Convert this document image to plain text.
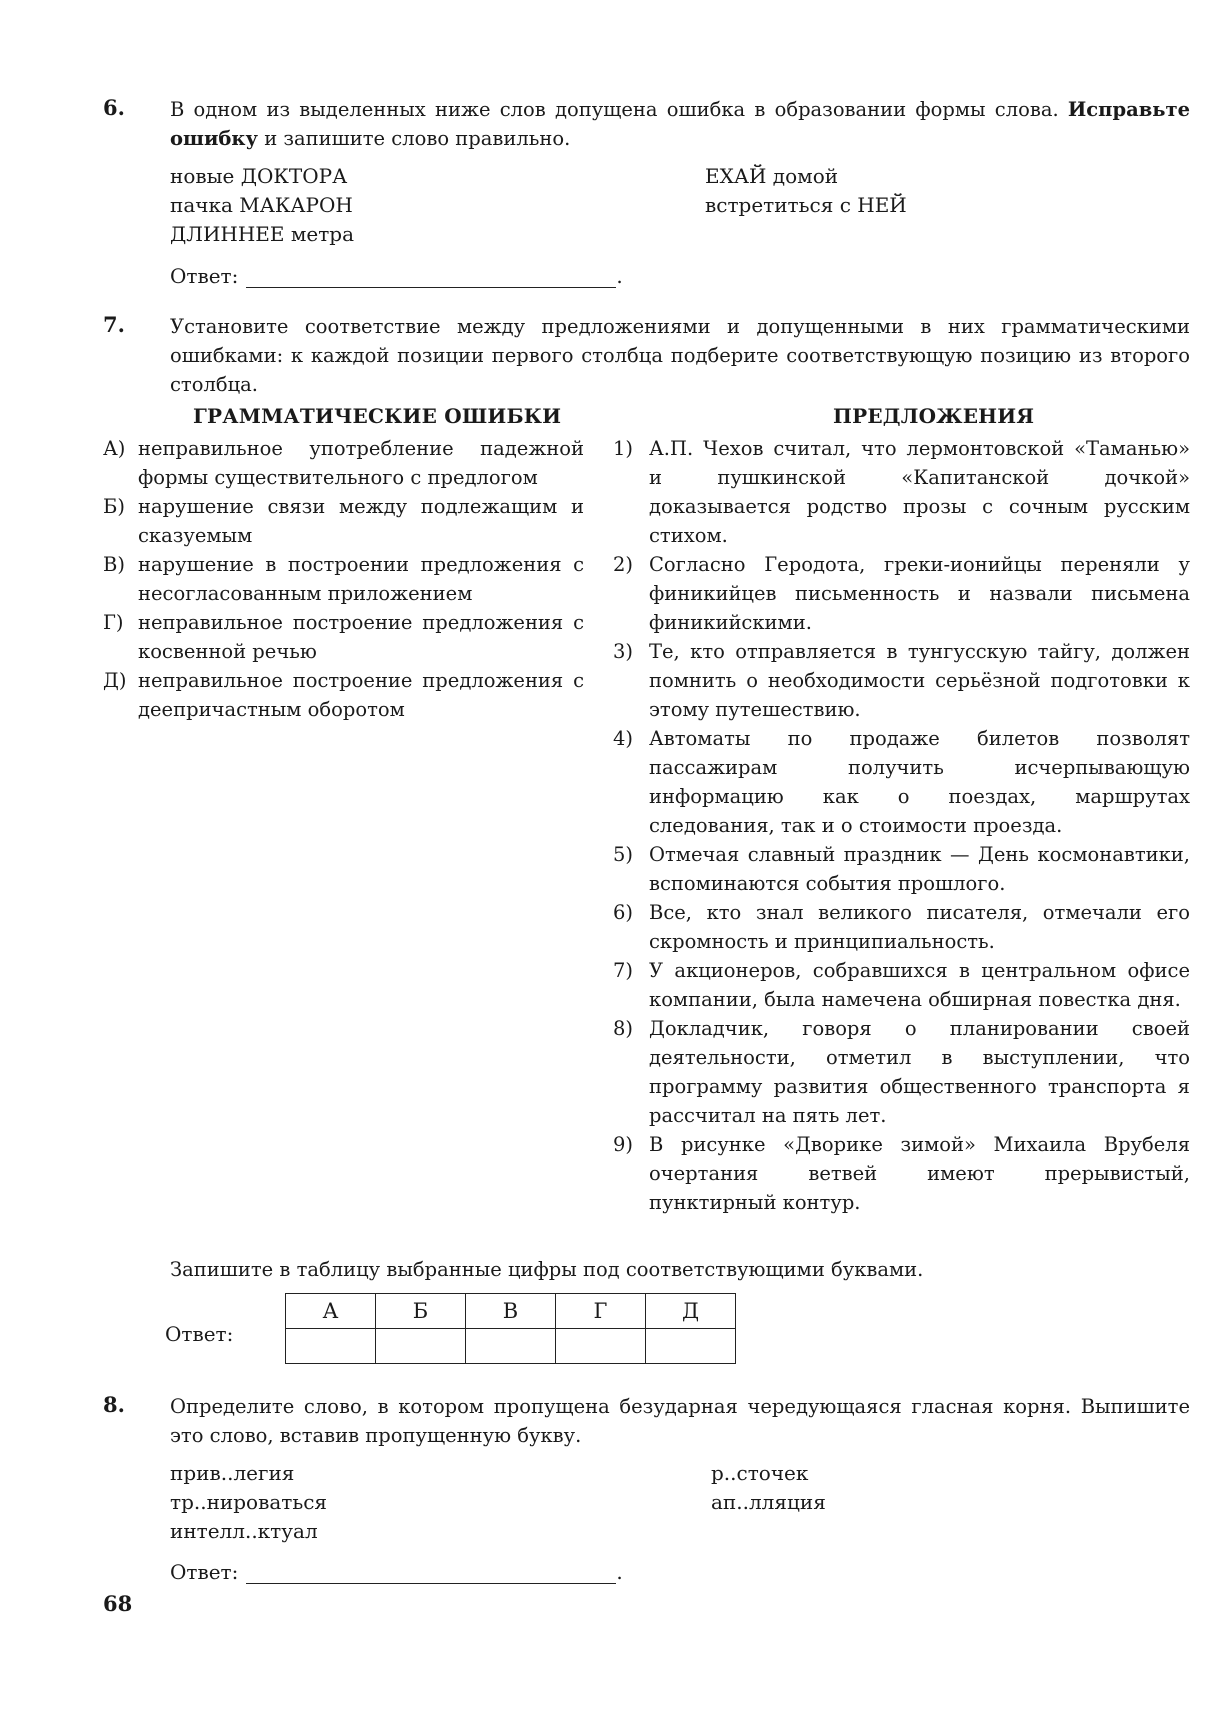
6. В одном из выделенных ниже слов допущена ошибка в образовании формы слова. Исправьте ошибку и запишите слово правильно.
новые ДОКТОРА
пачка МАКАРОН
ДЛИННЕЕ метра
ЕХАЙ домой
встретиться с НЕЙ
Ответ:	.
7. Установите соответствие между предложениями и допущенными в них грамматическими ошибками: к каждой позиции первого столбца подберите соответствующую позицию из второго столбца.
ГРАММАТИЧЕСКИЕ ОШИБКИ	ПРЕДЛОЖЕНИЯ
А) неправильное употребление падежной формы существительного с предлогом
Б) нарушение связи между подлежащим и сказуемым
В) нарушение в построении предложения с несогласованным приложением
Г) неправильное построение предложения с косвенной речью
Д) неправильное построение предложения с деепричастным оборотом
1) А.П. Чехов считал, что лермонтовской «Таманью» и пушкинской «Капитанской дочкой» доказывается родство прозы с сочным русским стихом.
2) Согласно Геродота, греки-ионийцы переняли у финикийцев письменность и назвали письмена финикийскими.
3) Те, кто отправляется в тунгусскую тайгу, должен помнить о необходимости серьёзной подготовки к этому путешествию.
4) Автоматы по продаже билетов позволят пассажирам получить исчерпывающую информацию как о поездах, маршрутах следования, так и о стоимости проезда.
5) Отмечая славный праздник — День космонавтики, вспоминаются события прошлого.
6) Все, кто знал великого писателя, отмечали его скромность и принципиальность.
7) У акционеров, собравшихся в центральном офисе компании, была намечена обширная повестка дня.
8) Докладчик, говоря о планировании своей деятельности, отметил в выступлении, что программу развития общественного транспорта я рассчитал на пять лет.
9) В рисунке «Дворике зимой» Михаила Врубеля очертания ветвей имеют прерывистый, пунктирный контур.
Запишите в таблицу выбранные цифры под соответствующими буквами.
Ответ:
А	Б	В	Г	Д

8. Определите слово, в котором пропущена безударная чередующаяся гласная корня. Выпишите это слово, вставив пропущенную букву.
прив..легия
тр..нироваться
интелл..ктуал
р..сточек
ап..лляция
Ответ:	.
68
